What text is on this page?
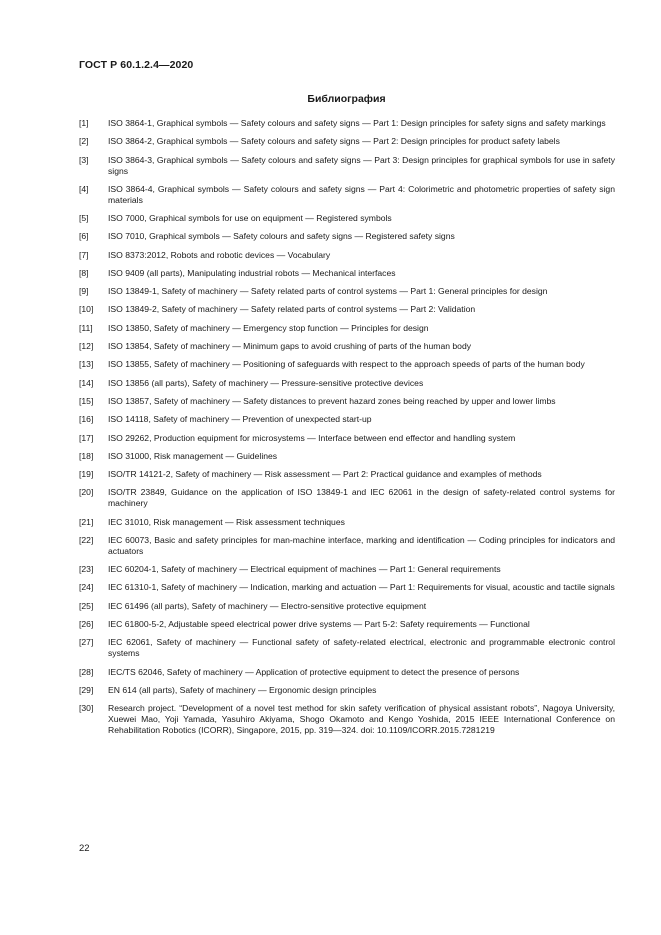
ГОСТ Р 60.1.2.4—2020
Библиография
[1]	ISO 3864-1, Graphical symbols — Safety colours and safety signs — Part 1: Design principles for safety signs and safety markings
[2]	ISO 3864-2, Graphical symbols — Safety colours and safety signs — Part 2: Design principles for product safety labels
[3]	ISO 3864-3, Graphical symbols — Safety colours and safety signs — Part 3: Design principles for graphical symbols for use in safety signs
[4]	ISO 3864-4, Graphical symbols — Safety colours and safety signs — Part 4: Colorimetric and photometric properties of safety sign materials
[5]	ISO 7000, Graphical symbols for use on equipment — Registered symbols
[6]	ISO 7010, Graphical symbols — Safety colours and safety signs — Registered safety signs
[7]	ISO 8373:2012, Robots and robotic devices — Vocabulary
[8]	ISO 9409 (all parts), Manipulating industrial robots — Mechanical interfaces
[9]	ISO 13849-1, Safety of machinery — Safety related parts of control systems — Part 1: General principles for design
[10]	ISO 13849-2, Safety of machinery — Safety related parts of control systems — Part 2: Validation
[11]	ISO 13850, Safety of machinery — Emergency stop function — Principles for design
[12]	ISO 13854, Safety of machinery — Minimum gaps to avoid crushing of parts of the human body
[13]	ISO 13855, Safety of machinery — Positioning of safeguards with respect to the approach speeds of parts of the human body
[14]	ISO 13856 (all parts), Safety of machinery — Pressure-sensitive protective devices
[15]	ISO 13857, Safety of machinery — Safety distances to prevent hazard zones being reached by upper and lower limbs
[16]	ISO 14118, Safety of machinery — Prevention of unexpected start-up
[17]	ISO 29262, Production equipment for microsystems — Interface between end effector and handling system
[18]	ISO 31000, Risk management — Guidelines
[19]	ISO/TR 14121-2, Safety of machinery — Risk assessment — Part 2: Practical guidance and examples of methods
[20]	ISO/TR 23849, Guidance on the application of ISO 13849-1 and IEC 62061 in the design of safety-related control systems for machinery
[21]	IEC 31010, Risk management — Risk assessment techniques
[22]	IEC 60073, Basic and safety principles for man-machine interface, marking and identification — Coding principles for indicators and actuators
[23]	IEC 60204-1, Safety of machinery — Electrical equipment of machines — Part 1: General requirements
[24]	IEC 61310-1, Safety of machinery — Indication, marking and actuation — Part 1: Requirements for visual, acoustic and tactile signals
[25]	IEC 61496 (all parts), Safety of machinery — Electro-sensitive protective equipment
[26]	IEC 61800-5-2, Adjustable speed electrical power drive systems — Part 5-2: Safety requirements — Functional
[27]	IEC 62061, Safety of machinery — Functional safety of safety-related electrical, electronic and programmable electronic control systems
[28]	IEC/TS 62046, Safety of machinery — Application of protective equipment to detect the presence of persons
[29]	EN 614 (all parts), Safety of machinery — Ergonomic design principles
[30]	Research project. “Development of a novel test method for skin safety verification of physical assistant robots”, Nagoya University, Xuewei Mao, Yoji Yamada, Yasuhiro Akiyama, Shogo Okamoto and Kengo Yoshida, 2015 IEEE International Conference on Rehabilitation Robotics (ICORR), Singapore, 2015, pp. 319—324. doi: 10.1109/ICORR.2015.7281219
22
